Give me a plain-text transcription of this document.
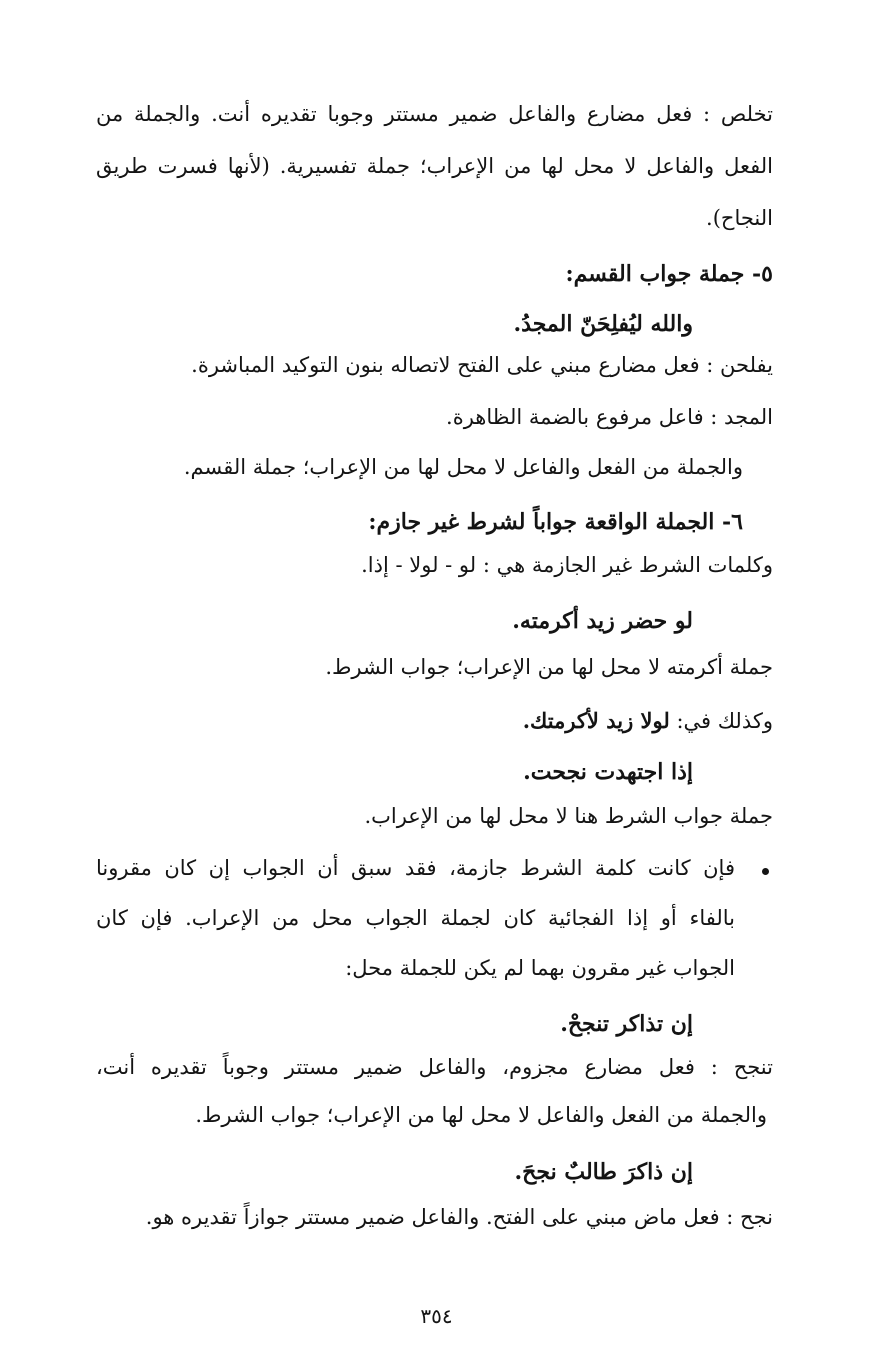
تخلص : فعل مضارع والفاعل ضمير مستتر وجوبا تقديره أنت. والجملة من
الفعل والفاعل لا محل لها من الإعراب؛ جملة تفسيرية. (لأنها فسرت طريق
النجاح).
٥- جملة جواب القسم:
والله ليُفلِحَنّ المجدُ.
يفلحن : فعل مضارع مبني على الفتح لاتصاله بنون التوكيد المباشرة.
المجد : فاعل مرفوع بالضمة الظاهرة.
والجملة من الفعل والفاعل لا محل لها من الإعراب؛ جملة القسم.
٦- الجملة الواقعة جواباً لشرط غير جازم:
وكلمات الشرط غير الجازمة هي : لو - لولا - إذا.
لو حضر زيد أكرمته.
جملة أكرمته لا محل لها من الإعراب؛ جواب الشرط.
وكذلك في: لولا زيد لأكرمتك.
إذا اجتهدت نجحت.
جملة جواب الشرط هنا لا محل لها من الإعراب.
فإن كانت كلمة الشرط جازمة، فقد سبق أن الجواب إن كان مقرونا
بالفاء أو إذا الفجائية كان لجملة الجواب محل من الإعراب. فإن كان
الجواب غير مقرون بهما لم يكن للجملة محل:
إن تذاكر تنجحْ.
تنجح : فعل مضارع مجزوم، والفاعل ضمير مستتر وجوباً تقديره أنت،
والجملة من الفعل والفاعل لا محل لها من الإعراب؛ جواب الشرط.
إن ذاكرَ طالبٌ نجحَ.
نجح : فعل ماض مبني على الفتح. والفاعل ضمير مستتر جوازاً تقديره هو.
٣٥٤
